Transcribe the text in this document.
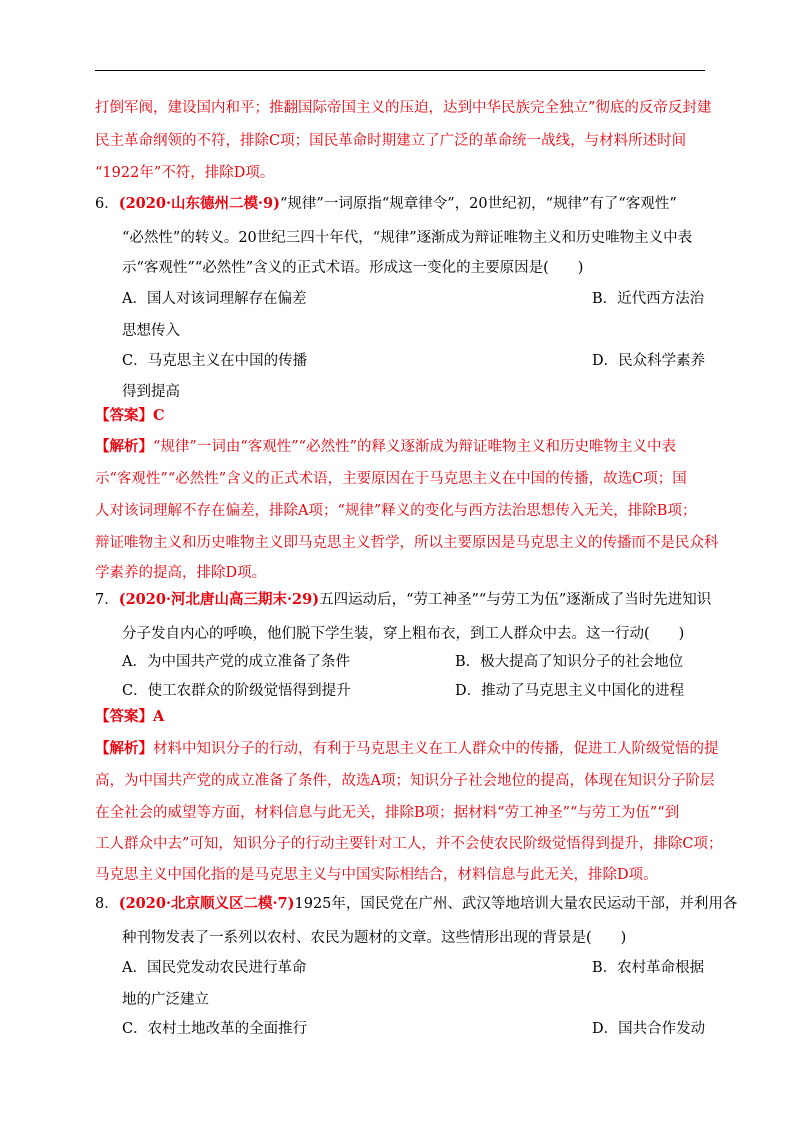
打倒军阀，建设国内和平；推翻国际帝国主义的压迫，达到中华民族完全独立”彻底的反帝反封建
民主革命纲领的不符，排除C项；国民革命时期建立了广泛的革命统一战线，与材料所述时间
“1922年”不符，排除D项。
6．(2020·山东德州二模·9)“规律”一词原指“规章律令”，20世纪初，“规律”有了“客观性”
“必然性”的转义。20世纪三四十年代，“规律”逐渐成为辩证唯物主义和历史唯物主义中表
示“客观性”“必然性”含义的正式术语。形成这一变化的主要原因是(　　)
A．国人对该词理解存在偏差	B．近代西方法治
思想传入
C．马克思主义在中国的传播	D．民众科学素养
得到提高
【答案】C
【解析】“规律”一词由“客观性”“必然性”的释义逐渐成为辩证唯物主义和历史唯物主义中表
示“客观性”“必然性”含义的正式术语，主要原因在于马克思主义在中国的传播，故选C项；国
人对该词理解不存在偏差，排除A项；“规律”释义的变化与西方法治思想传入无关，排除B项；
辩证唯物主义和历史唯物主义即马克思主义哲学，所以主要原因是马克思主义的传播而不是民众科
学素养的提高，排除D项。
7．(2020·河北唐山高三期末·29)五四运动后，“劳工神圣”“与劳工为伍”逐渐成了当时先进知识
分子发自内心的呼唤，他们脱下学生装，穿上粗布衣，到工人群众中去。这一行动(　　)
A．为中国共产党的成立准备了条件	B．极大提高了知识分子的社会地位
C．使工农群众的阶级觉悟得到提升	D．推动了马克思主义中国化的进程
【答案】A
【解析】材料中知识分子的行动，有利于马克思主义在工人群众中的传播，促进工人阶级觉悟的提
高，为中国共产党的成立准备了条件，故选A项；知识分子社会地位的提高，体现在知识分子阶层
在全社会的威望等方面，材料信息与此无关，排除B项；据材料“劳工神圣”“与劳工为伍”“到
工人群众中去”可知，知识分子的行动主要针对工人，并不会使农民阶级觉悟得到提升，排除C项；
马克思主义中国化指的是马克思主义与中国实际相结合，材料信息与此无关，排除D项。
8．(2020·北京顺义区二模·7)1925年，国民党在广州、武汉等地培训大量农民运动干部，并利用各
种刊物发表了一系列以农村、农民为题材的文章。这些情形出现的背景是(　　)
A．国民党发动农民进行革命	B．农村革命根据
地的广泛建立
C．农村土地改革的全面推行	D．国共合作发动
